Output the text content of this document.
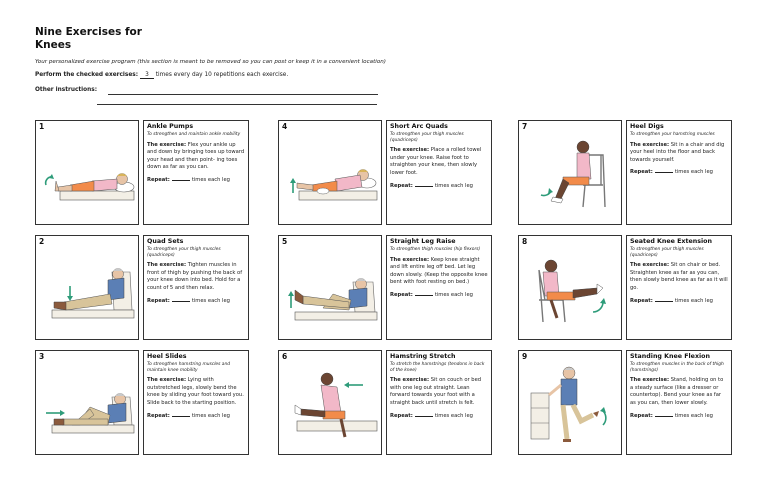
Nine Exercises for
Knees
Your personalized exercise program (this section is meant to be removed so you can post or keep it in a convenient location)
Perform the checked exercises: 3 times every day 10 repetitions each exercise.
Other instructions:
1	Ankle Pumps
To strengthen and maintain ankle mobility
The exercise: Flex your ankle up and down by bringing toes up toward your head and then point- ing toes down as far as you can.
Repeat:	times each leg
4	Short Arc Quads
To strengthen your thigh muscles (quadriceps)
The exercise: Place a rolled towel under your knee. Raise foot to straighten your knee, then slowly lower foot.
Repeat:	times each leg
7	Heel Digs
To strengthen your hamstring muscles
The exercise: Sit in a chair and dig your heel into the floor and back towards yourself.
Repeat:	times each leg
2	Quad Sets
To strengthen your thigh muscles (quadriceps)
The exercise: Tighten muscles in front of thigh by pushing the back of your knee down into bed. Hold for a count of 5 and then relax.
Repeat:	times each leg
5	Straight Leg Raise
To strengthen thigh muscles (hip flexors)
The exercise: Keep knee straight and lift entire leg off bed. Let leg down slowly. (Keep the opposite knee bent with foot resting on bed.)
Repeat:	times each leg
8	Seated Knee Extension
To strengthen your thigh muscles (quadriceps)
The exercise: Sit on chair or bed. Straighten knee as far as you can, then slowly bend knee as far as it will go.
Repeat:	times each leg
3	Heel Slides
To strengthen hamstring muscles and maintain knee mobility
The exercise: Lying with outstretched legs, slowly bend the knee by sliding your foot toward you. Slide back to the starting position.
Repeat:	times each leg
6	Hamstring Stretch
To stretch the hamstrings (tendons in back of the knee)
The exercise: Sit on couch or bed with one leg out straight. Lean forward towards your foot with a straight back until stretch is felt.
Repeat:	times each leg
9	Standing Knee Flexion
To strengthen muscles in the back of thigh (hamstrings)
The exercise: Stand, holding on to a steady surface (like a dresser or countertop). Bend your knee as far as you can, then lower slowly.
Repeat:	times each leg
